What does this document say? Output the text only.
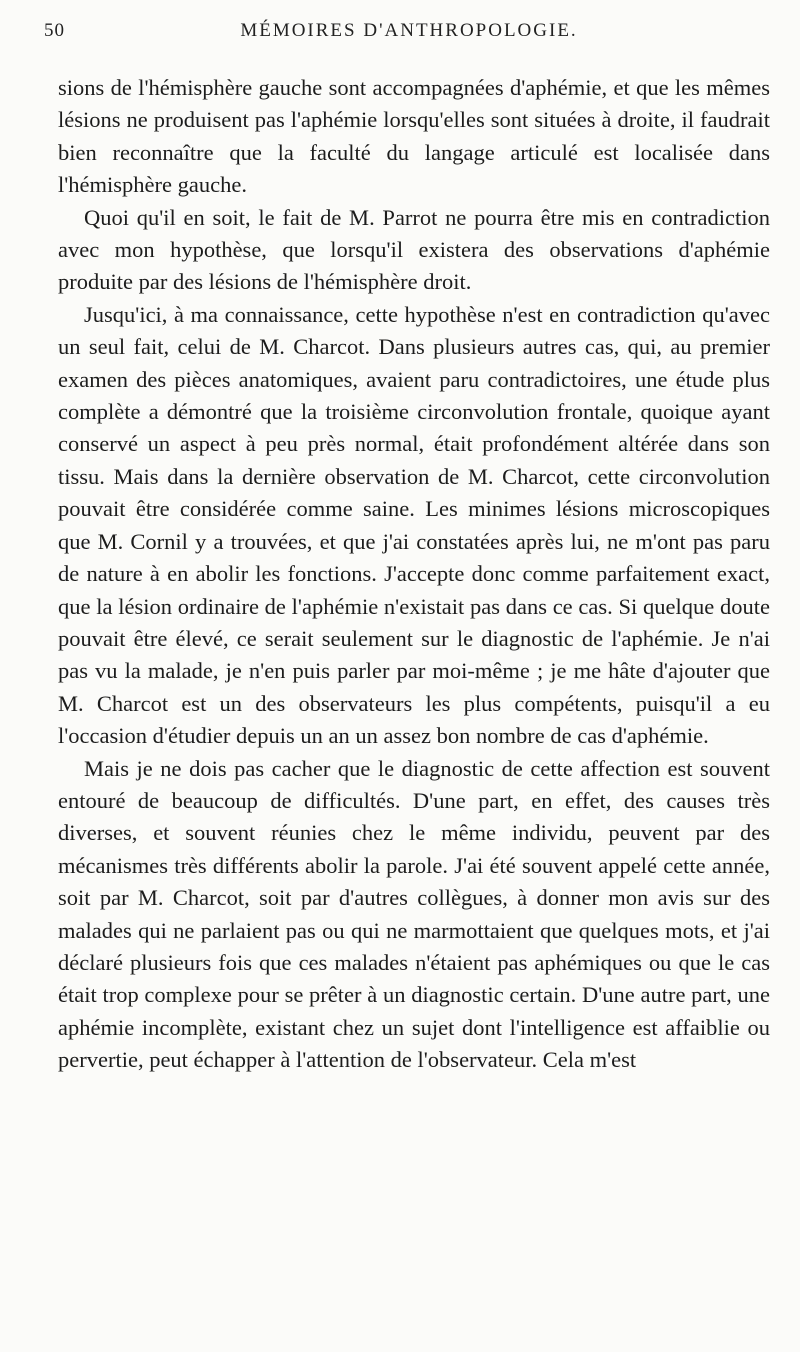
50	MÉMOIRES D'ANTHROPOLOGIE.

sions de l'hémisphère gauche sont accompagnées d'aphémie, et que les mêmes lésions ne produisent pas l'aphémie lorsqu'elles sont situées à droite, il faudrait bien reconnaître que la faculté du langage articulé est localisée dans l'hémisphère gauche.

Quoi qu'il en soit, le fait de M. Parrot ne pourra être mis en contradiction avec mon hypothèse, que lorsqu'il existera des observations d'aphémie produite par des lésions de l'hémisphère droit.

Jusqu'ici, à ma connaissance, cette hypothèse n'est en contradiction qu'avec un seul fait, celui de M. Charcot. Dans plusieurs autres cas, qui, au premier examen des pièces anatomiques, avaient paru contradictoires, une étude plus complète a démontré que la troisième circonvolution frontale, quoique ayant conservé un aspect à peu près normal, était profondément altérée dans son tissu. Mais dans la dernière observation de M. Charcot, cette circonvolution pouvait être considérée comme saine. Les minimes lésions microscopiques que M. Cornil y a trouvées, et que j'ai constatées après lui, ne m'ont pas paru de nature à en abolir les fonctions. J'accepte donc comme parfaitement exact, que la lésion ordinaire de l'aphémie n'existait pas dans ce cas. Si quelque doute pouvait être élevé, ce serait seulement sur le diagnostic de l'aphémie. Je n'ai pas vu la malade, je n'en puis parler par moi-même ; je me hâte d'ajouter que M. Charcot est un des observateurs les plus compétents, puisqu'il a eu l'occasion d'étudier depuis un an un assez bon nombre de cas d'aphémie.

Mais je ne dois pas cacher que le diagnostic de cette affection est souvent entouré de beaucoup de difficultés. D'une part, en effet, des causes très diverses, et souvent réunies chez le même individu, peuvent par des mécanismes très différents abolir la parole. J'ai été souvent appelé cette année, soit par M. Charcot, soit par d'autres collègues, à donner mon avis sur des malades qui ne parlaient pas ou qui ne marmottaient que quelques mots, et j'ai déclaré plusieurs fois que ces malades n'étaient pas aphémiques ou que le cas était trop complexe pour se prêter à un diagnostic certain. D'une autre part, une aphémie incomplète, existant chez un sujet dont l'intelligence est affaiblie ou pervertie, peut échapper à l'attention de l'observateur. Cela m'est
